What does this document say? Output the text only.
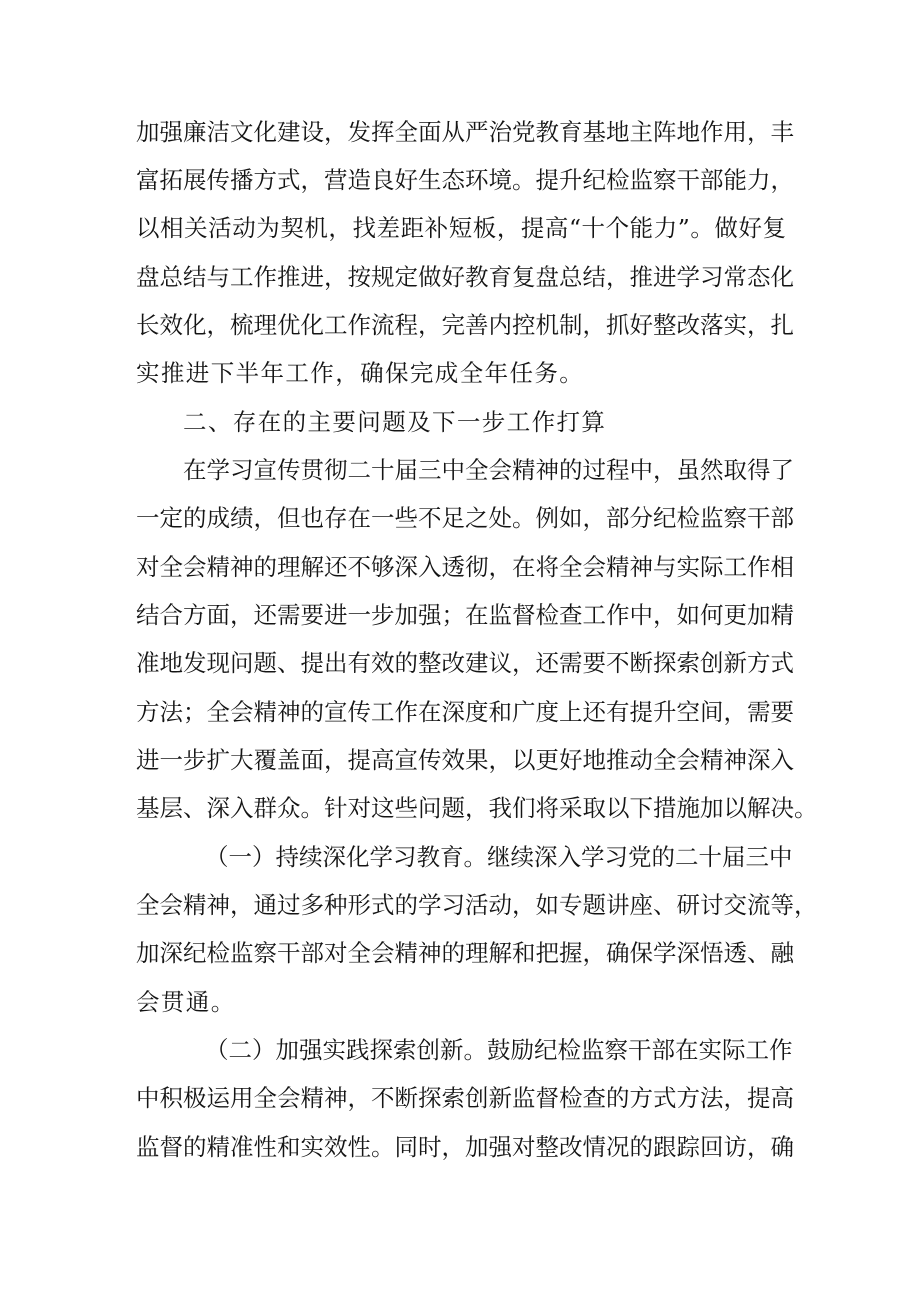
加强廉洁文化建设，发挥全面从严治党教育基地主阵地作用，丰
富拓展传播方式，营造良好生态环境。提升纪检监察干部能力，
以相关活动为契机，找差距补短板，提高“十个能力”。做好复
盘总结与工作推进，按规定做好教育复盘总结，推进学习常态化
长效化，梳理优化工作流程，完善内控机制，抓好整改落实，扎
实推进下半年工作，确保完成全年任务。
二、存在的主要问题及下一步工作打算
在学习宣传贯彻二十届三中全会精神的过程中，虽然取得了
一定的成绩，但也存在一些不足之处。例如，部分纪检监察干部
对全会精神的理解还不够深入透彻，在将全会精神与实际工作相
结合方面，还需要进一步加强；在监督检查工作中，如何更加精
准地发现问题、提出有效的整改建议，还需要不断探索创新方式
方法；全会精神的宣传工作在深度和广度上还有提升空间，需要
进一步扩大覆盖面，提高宣传效果，以更好地推动全会精神深入
基层、深入群众。针对这些问题，我们将采取以下措施加以解决。
（一）持续深化学习教育。继续深入学习党的二十届三中
全会精神，通过多种形式的学习活动，如专题讲座、研讨交流等，
加深纪检监察干部对全会精神的理解和把握，确保学深悟透、融
会贯通。
（二）加强实践探索创新。鼓励纪检监察干部在实际工作
中积极运用全会精神，不断探索创新监督检查的方式方法，提高
监督的精准性和实效性。同时，加强对整改情况的跟踪回访，确
